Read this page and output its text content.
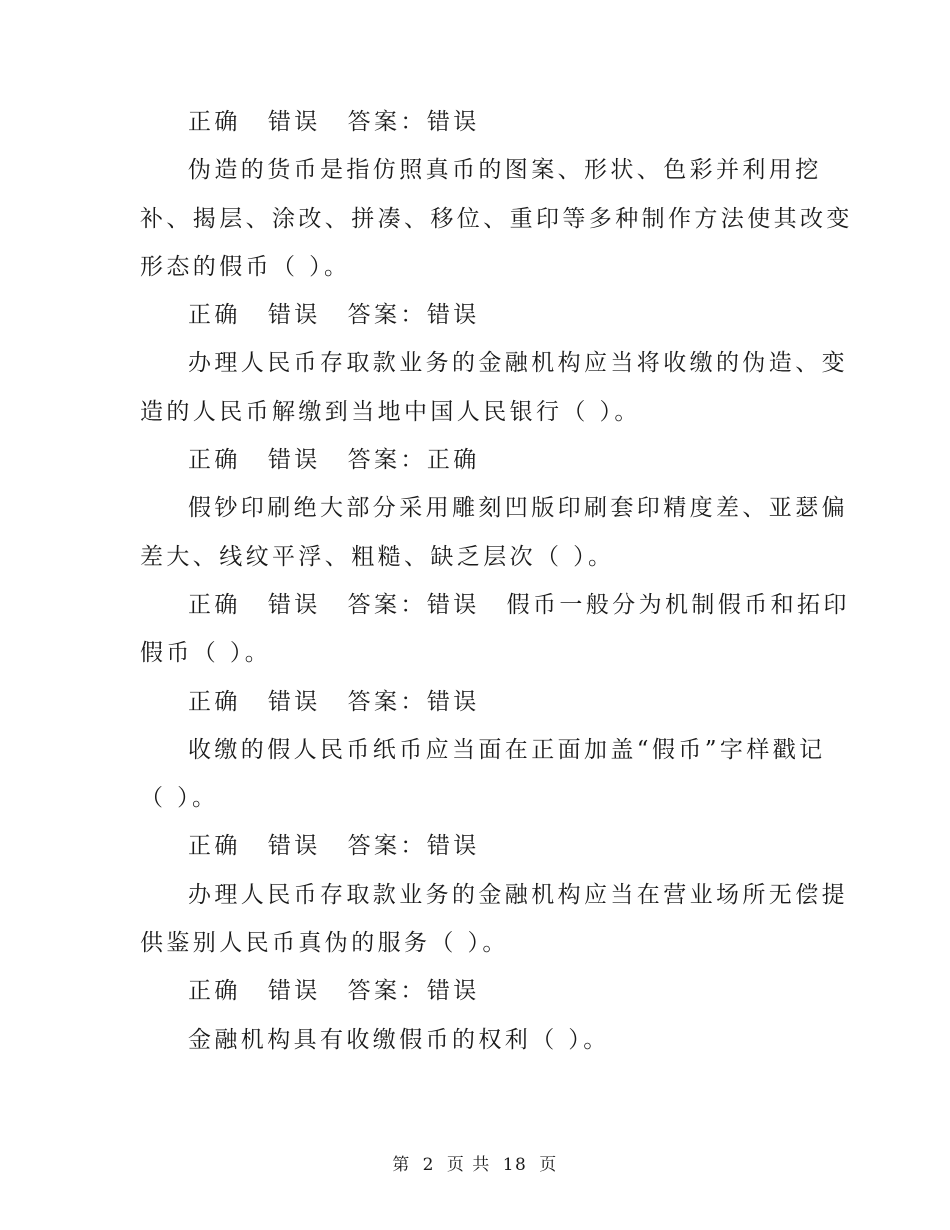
正确 错误 答案：错误
伪造的货币是指仿照真币的图案、形状、色彩并利用挖
补、揭层、涂改、拼凑、移位、重印等多种制作方法使其改变
形态的假币（ ）。
正确 错误 答案：错误
办理人民币存取款业务的金融机构应当将收缴的伪造、变
造的人民币解缴到当地中国人民银行（ ）。
正确 错误 答案：正确
假钞印刷绝大部分采用雕刻凹版印刷套印精度差、亚瑟偏
差大、线纹平浮、粗糙、缺乏层次（ ）。
正确 错误 答案：错误 假币一般分为机制假币和拓印
假币（ ）。
正确 错误 答案：错误
收缴的假人民币纸币应当面在正面加盖“假币”字样戳记
（ ）。
正确 错误 答案：错误
办理人民币存取款业务的金融机构应当在营业场所无偿提
供鉴别人民币真伪的服务（ ）。
正确 错误 答案：错误
金融机构具有收缴假币的权利（ ）。
第 2 页 共 18 页
